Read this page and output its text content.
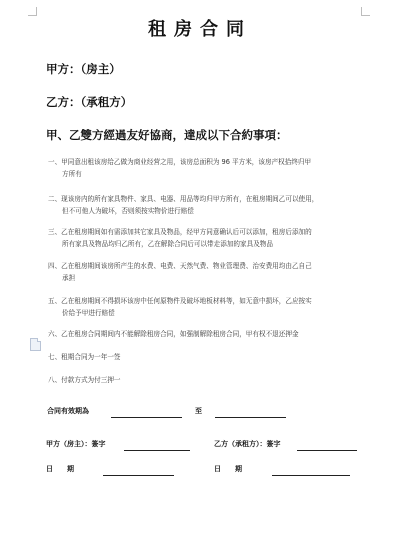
租房合同
甲方：（房主）
乙方：（承租方）
甲、乙雙方經過友好協商，達成以下合約事項：
一、甲同意出租该房给乙做为商业经营之用，该房总面积为 96 平方米，该房产权拾终归甲
方所有
二、现该房内的所有家具物件、家具、电器、用品等均归甲方所有，在租房期间乙可以使用，
但不可他人为破坏，否则须按实物价进行赔偿
三、乙在租房期间如有需添加其它家具及物品，经甲方同意确认后可以添加，租房后添加的
所有家具及物品均归乙所有，乙在解除合同后可以带走添加的家具及物品
四、乙在租房期间该房所产生的水费、电费、天然气费、物业管理费、治安费用均由乙自己
承担
五、乙在租房期间不得损坏该房中任何原物件及破坏地板材料等，如无意中损坏，乙应按实
价给予甲进行赔偿
六、乙在租房合同期间内不能解除租房合同，如强制解除租房合同，甲有权不退还押金
七、租期合同为一年一签
八、付款方式为付三押一
合同有效期為	至
甲方（房主）：簽字	乙方（承租方）：簽字
日　　期	日　　期
